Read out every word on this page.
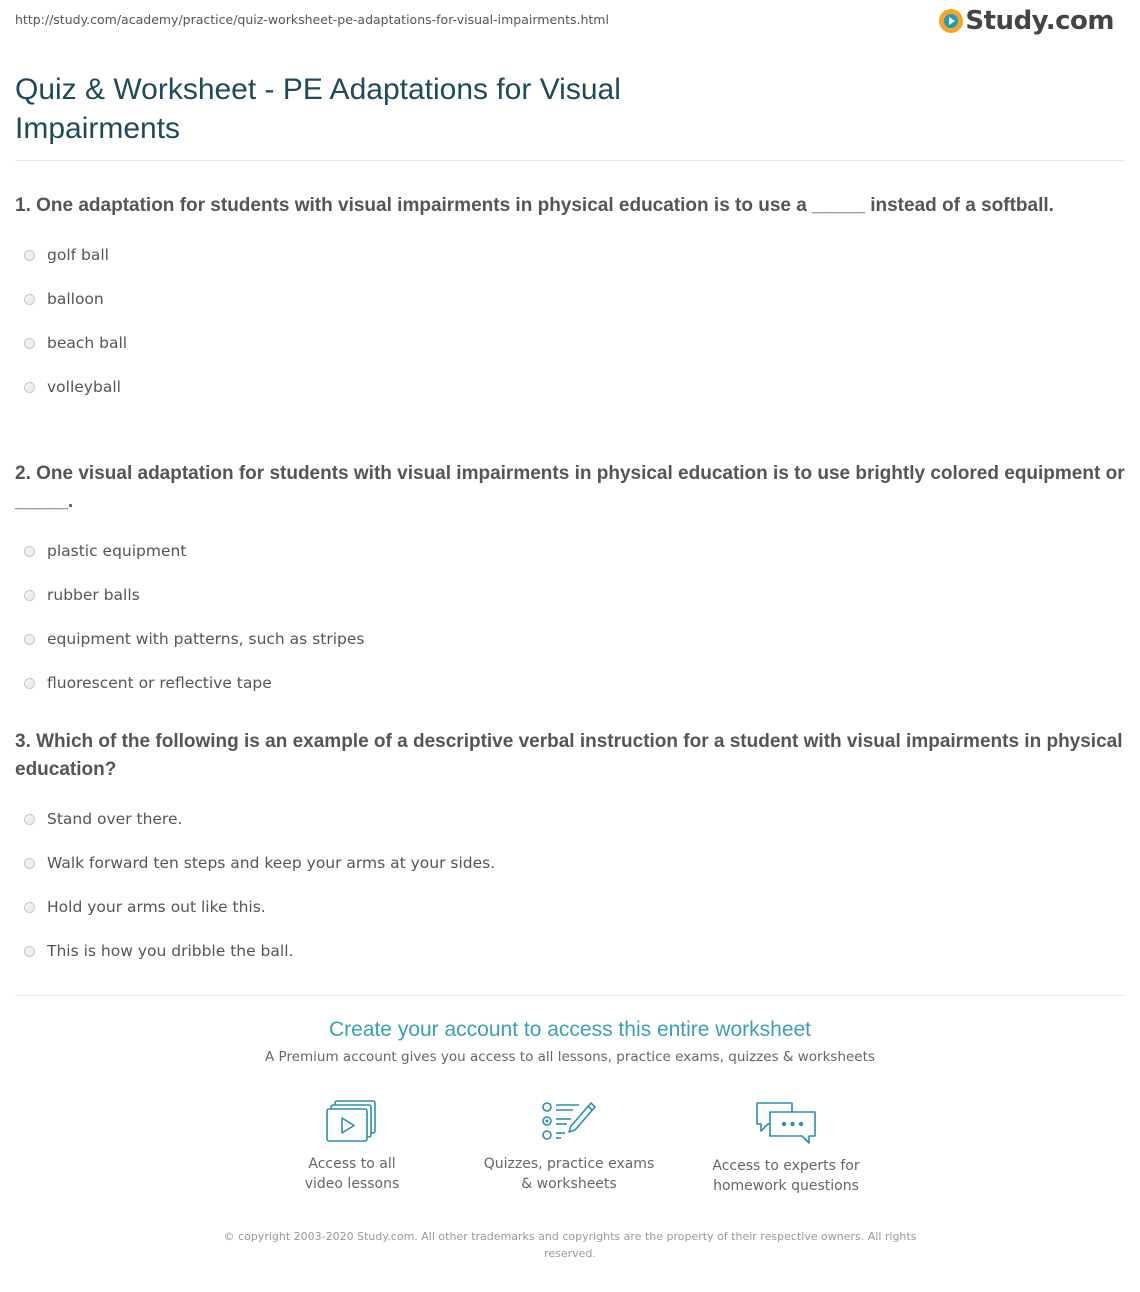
http://study.com/academy/practice/quiz-worksheet-pe-adaptations-for-visual-impairments.html	Study.com
Quiz & Worksheet - PE Adaptations for Visual Impairments
1. One adaptation for students with visual impairments in physical education is to use a _____ instead of a softball.
golf ball
balloon
beach ball
volleyball
2. One visual adaptation for students with visual impairments in physical education is to use brightly colored equipment or _____.
plastic equipment
rubber balls
equipment with patterns, such as stripes
fluorescent or reflective tape
3. Which of the following is an example of a descriptive verbal instruction for a student with visual impairments in physical education?
Stand over there.
Walk forward ten steps and keep your arms at your sides.
Hold your arms out like this.
This is how you dribble the ball.
Create your account to access this entire worksheet
A Premium account gives you access to all lessons, practice exams, quizzes & worksheets
Access to all
video lessons
Quizzes, practice exams
& worksheets
Access to experts for
homework questions
© copyright 2003-2020 Study.com. All other trademarks and copyrights are the property of their respective owners. All rights reserved.
